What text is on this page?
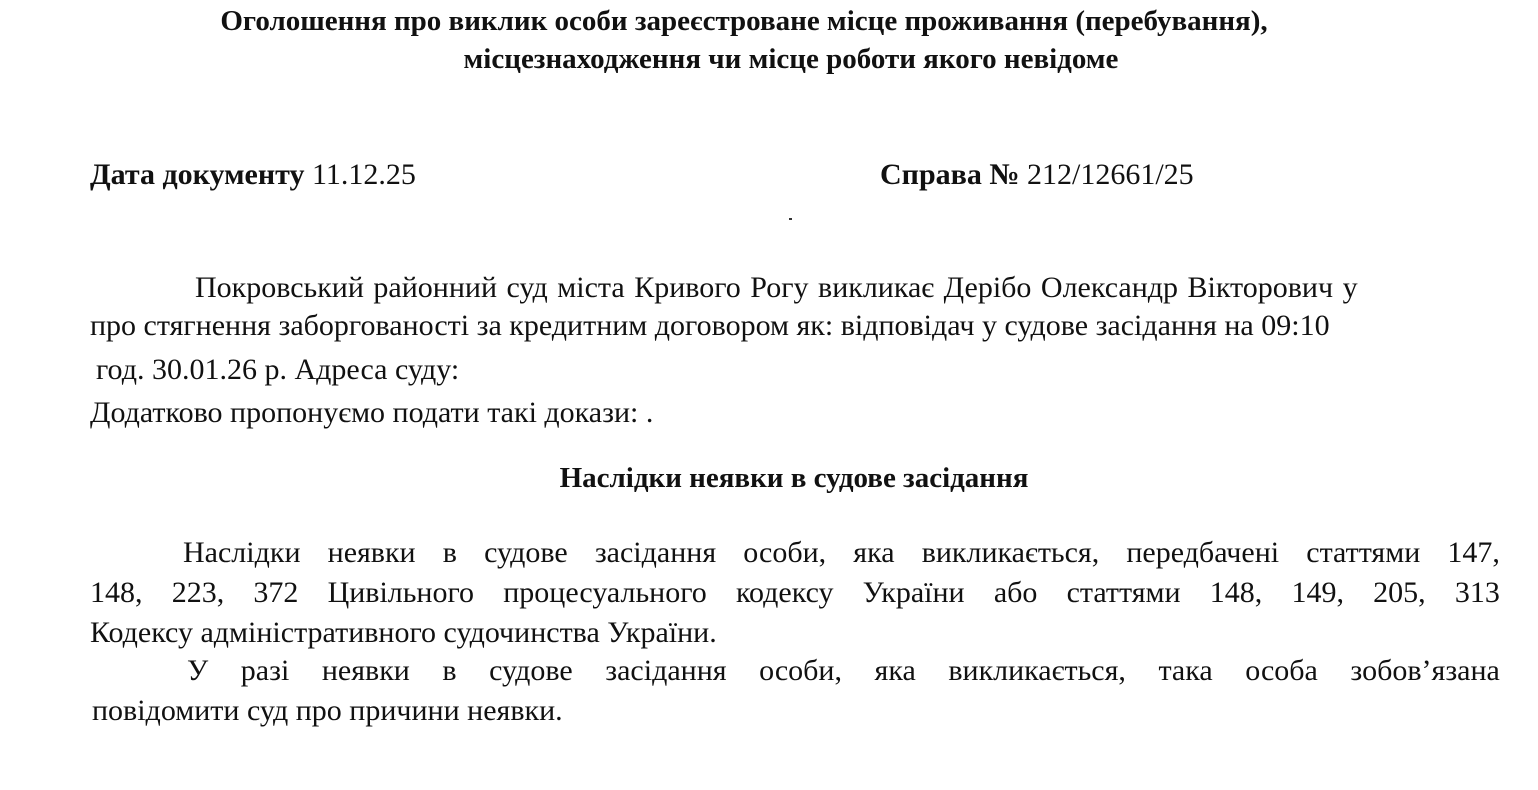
Оголошення про виклик особи зареєстроване місце проживання (перебування),
місцезнаходження чи місце роботи якого невідоме
Дата документу 11.12.25	Справа № 212/12661/25
Покровський районний суд міста Кривого Рогу викликає Дерібо Олександр Вікторович у
про стягнення заборгованості за кредитним договором як: відповідач у судове засідання на 09:10
год. 30.01.26 р. Адреса суду:
Додатково пропонуємо подати такі докази: .
Наслідки неявки в судове засідання
Наслідки неявки в судове засідання особи, яка викликається, передбачені статтями 147,
148, 223, 372 Цивільного процесуального кодексу України або статтями 148, 149, 205, 313
Кодексу адміністративного судочинства України.
У разі неявки в судове засідання особи, яка викликається, така особа зобов’язана
повідомити суд про причини неявки.
